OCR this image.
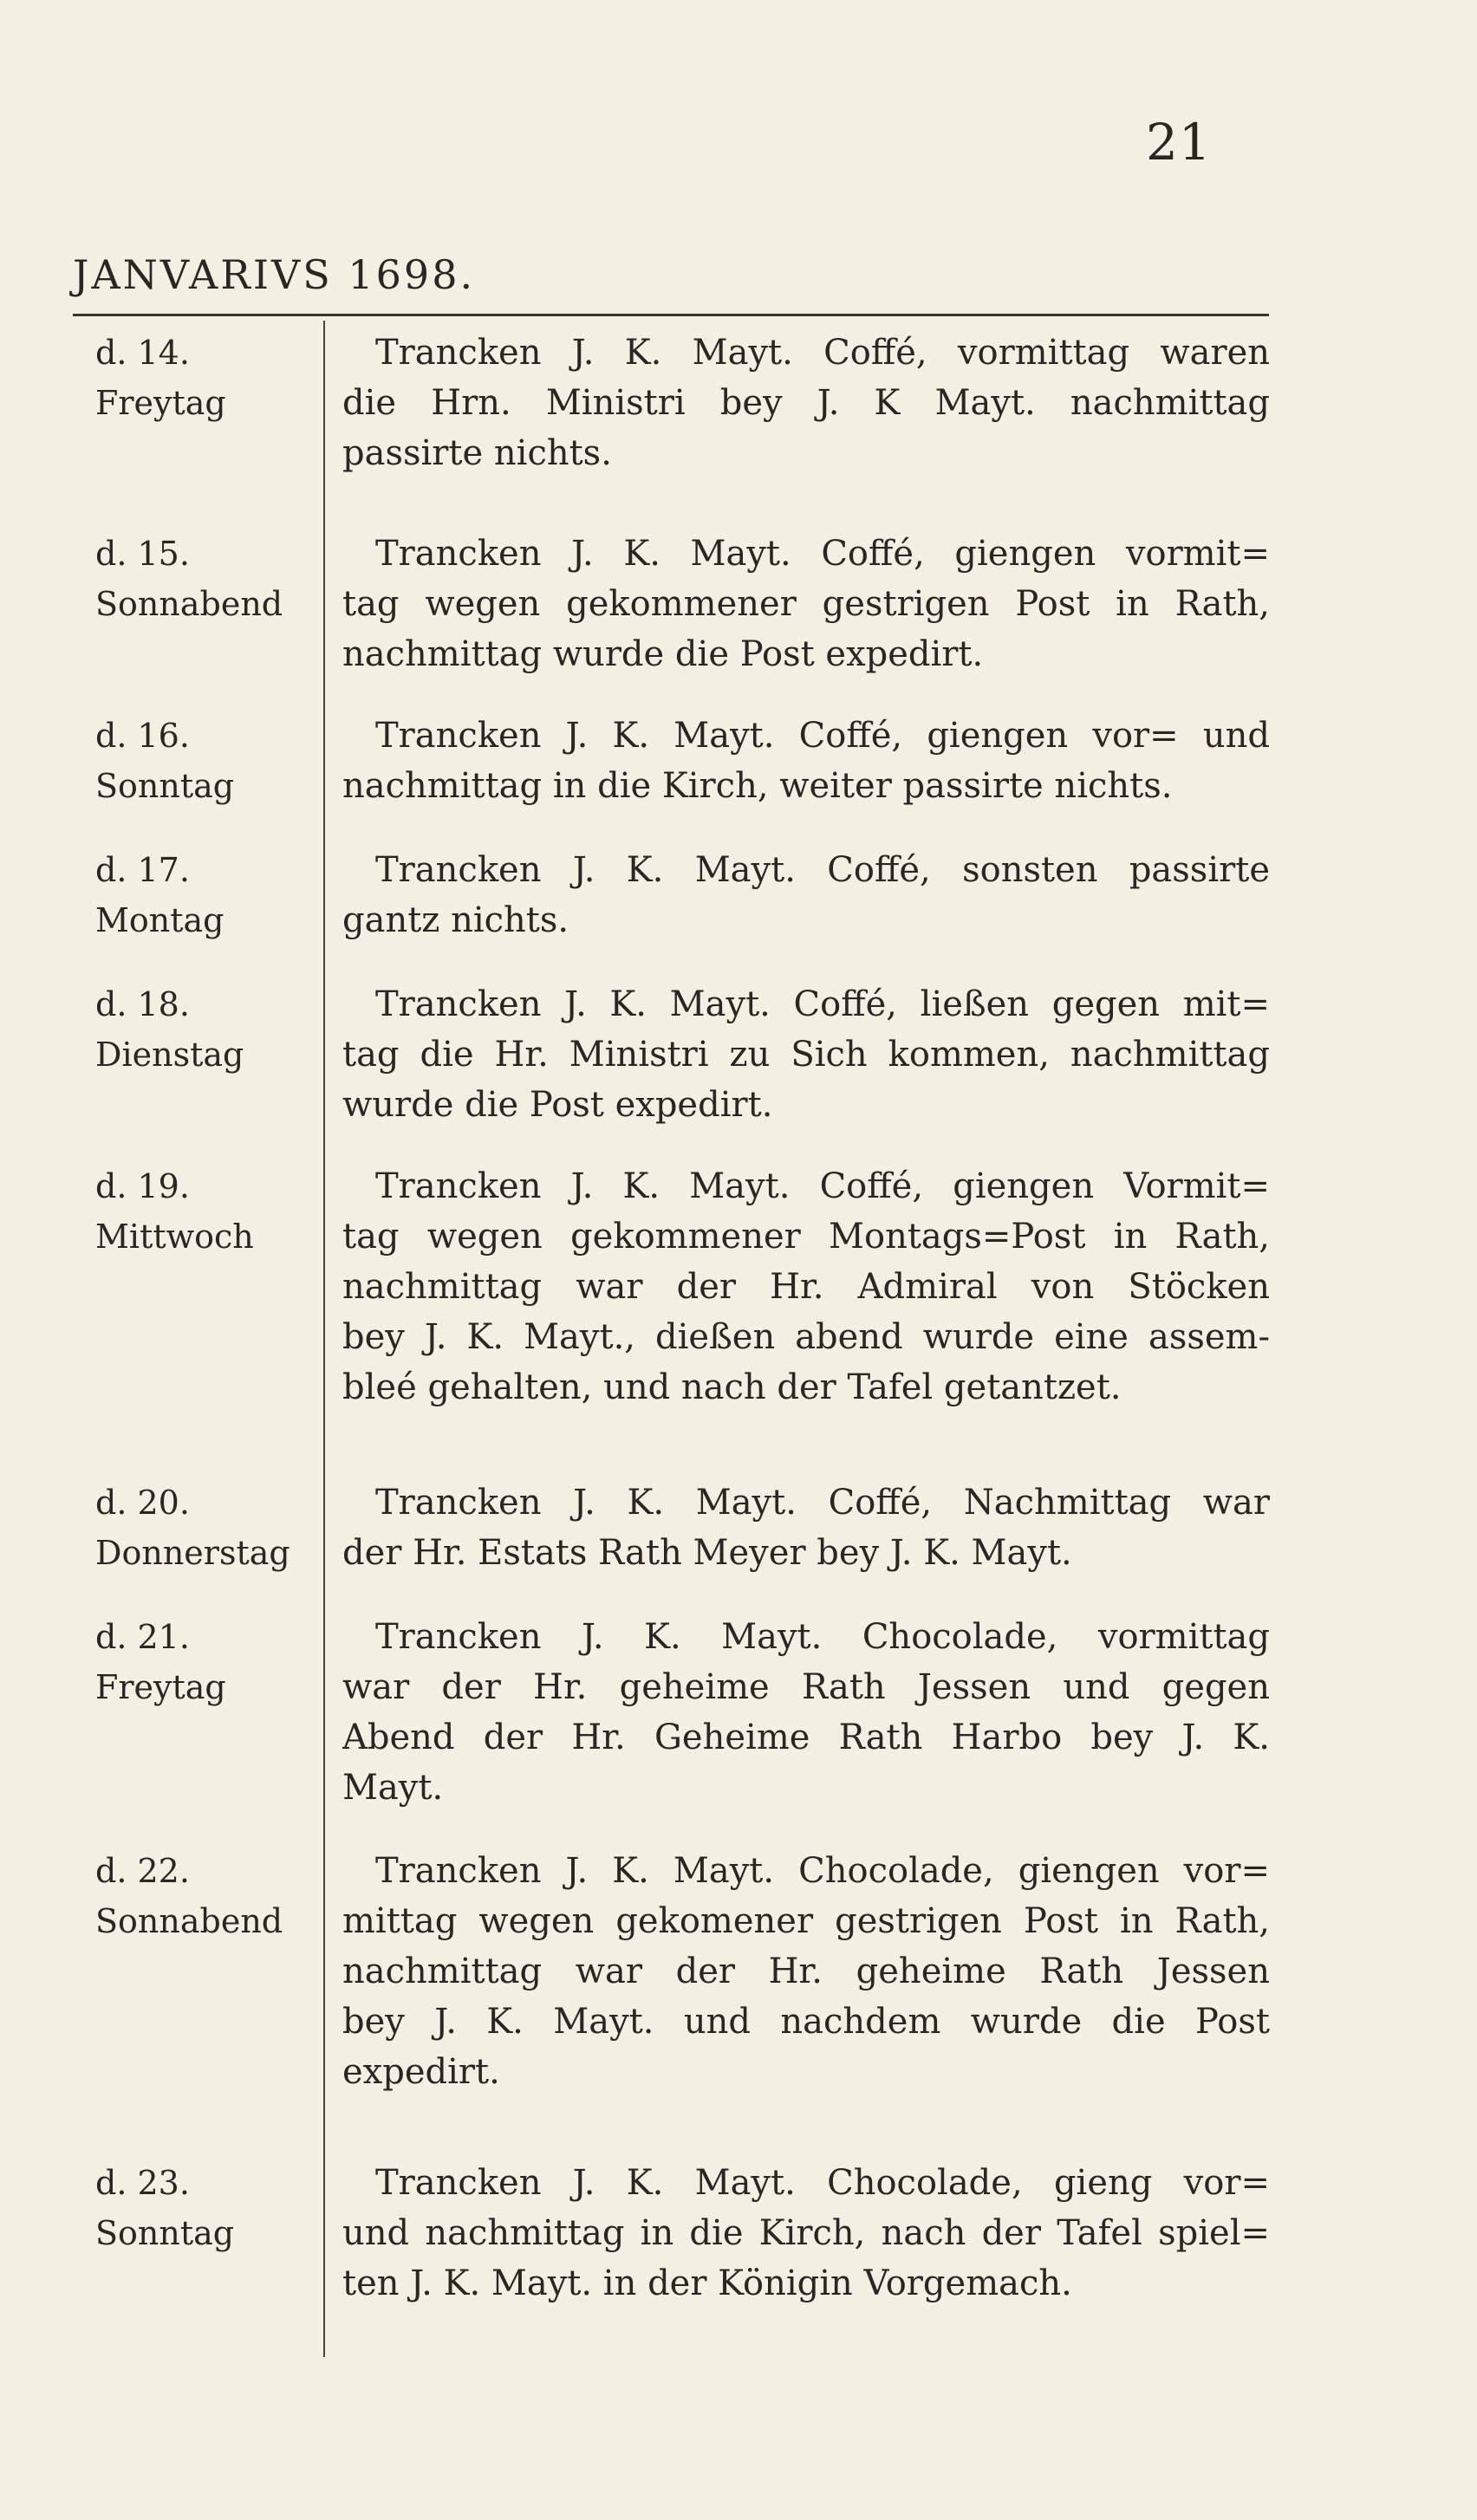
21
JANVARIVS 1698.
d. 14.
Freytag
Trancken J. K. Mayt. Coffé, vormittag waren
die Hrn. Ministri bey J. K Mayt. nachmittag
passirte nichts.
d. 15.
Sonnabend
Trancken J. K. Mayt. Coffé, giengen vormit=
tag wegen gekommener gestrigen Post in Rath,
nachmittag wurde die Post expedirt.
d. 16.
Sonntag
Trancken J. K. Mayt. Coffé, giengen vor= und
nachmittag in die Kirch, weiter passirte nichts.
d. 17.
Montag
Trancken J. K. Mayt. Coffé, sonsten passirte
gantz nichts.
d. 18.
Dienstag
Trancken J. K. Mayt. Coffé, ließen gegen mit=
tag die Hr. Ministri zu Sich kommen, nachmittag
wurde die Post expedirt.
d. 19.
Mittwoch
Trancken J. K. Mayt. Coffé, giengen Vormit=
tag wegen gekommener Montags=Post in Rath,
nachmittag war der Hr. Admiral von Stöcken
bey J. K. Mayt., dießen abend wurde eine assem-
bleé gehalten, und nach der Tafel getantzet.
d. 20.
Donnerstag
Trancken J. K. Mayt. Coffé, Nachmittag war
der Hr. Estats Rath Meyer bey J. K. Mayt.
d. 21.
Freytag
Trancken J. K. Mayt. Chocolade, vormittag
war der Hr. geheime Rath Jessen und gegen
Abend der Hr. Geheime Rath Harbo bey J. K.
Mayt.
d. 22.
Sonnabend
Trancken J. K. Mayt. Chocolade, giengen vor=
mittag wegen gekomener gestrigen Post in Rath,
nachmittag war der Hr. geheime Rath Jessen
bey J. K. Mayt. und nachdem wurde die Post
expedirt.
d. 23.
Sonntag
Trancken J. K. Mayt. Chocolade, gieng vor=
und nachmittag in die Kirch, nach der Tafel spiel=
ten J. K. Mayt. in der Königin Vorgemach.
